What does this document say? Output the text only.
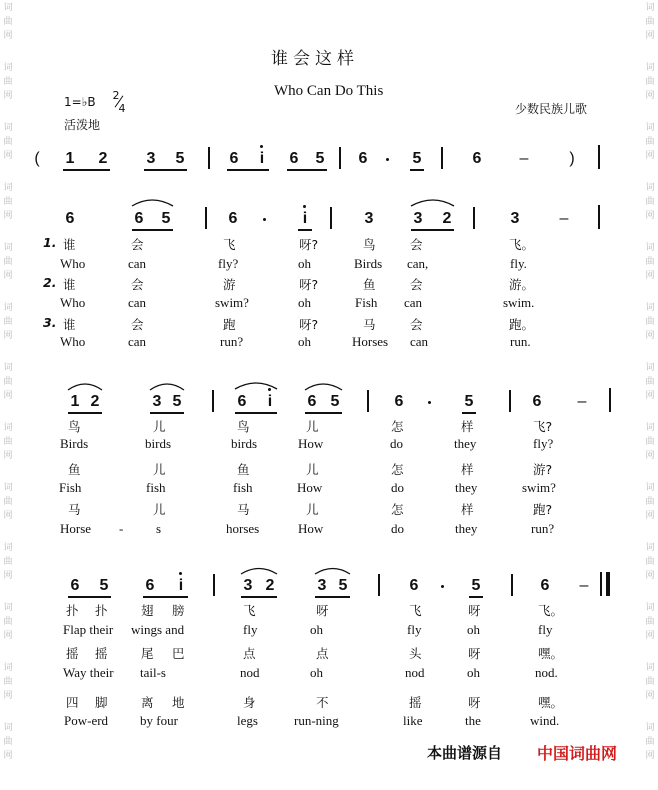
词
曲
网
词
曲
网
词
曲
网
词
曲
网
词
曲
网
词
曲
网
词
曲
网
词
曲
网
词
曲
网
词
曲
网
词
曲
网
词
曲
网
词
曲
网
词
曲
网
词
曲
网
词
曲
网
词
曲
网
词
曲
网
词
曲
网
词
曲
网
词
曲
网
词
曲
网
词
曲
网
词
曲
网
词
曲
网
词
曲
网
谁会这样
Who Can Do This
1=♭B 2
4
活泼地
少数民族儿歌
( 1 2 3 5	6 i 6 5 6	5	6 –	)
6	6 5	6	i	3	3 2	3	–
1. 谁	会	飞	呀?	鸟	会	飞。
Who	can	fly?	oh	Birds can,	fly.
2. 谁	会	游	呀?	鱼	会	游。
Who	can	swim?	oh	Fish can	swim.
3. 谁	会	跑	呀?	马	会	跑。
Who	can	run?	oh	Horses can	run.
1 2	3 5	6 i 6 5	6	5	6 –
鸟	儿	鸟	儿	怎	样	飞?
Birds	birds	birds	How	do	they	fly?
鱼	儿	鱼	儿	怎	样	游?
Fish	fish	fish	How	do	they	swim?
马	儿	马	儿	怎	样	跑?
Horse -	s	horses	How	do	they	run?
6 5 6 i	3 2	3 5	6	5	6 –
扑 扑	翅 膀	飞	呀	飞	呀	飞。
Flap their wings and	fly	oh	fly	oh	fly
摇 摇	尾 巴	点	点	头	呀	嘿。
Way their tail-s	nod	oh	nod	oh	nod.
四 脚	离 地	身	不	摇	呀	嘿。
Pow-erd by four	legs	run-ning	like	the	wind.
本曲谱源自 中国词曲网
